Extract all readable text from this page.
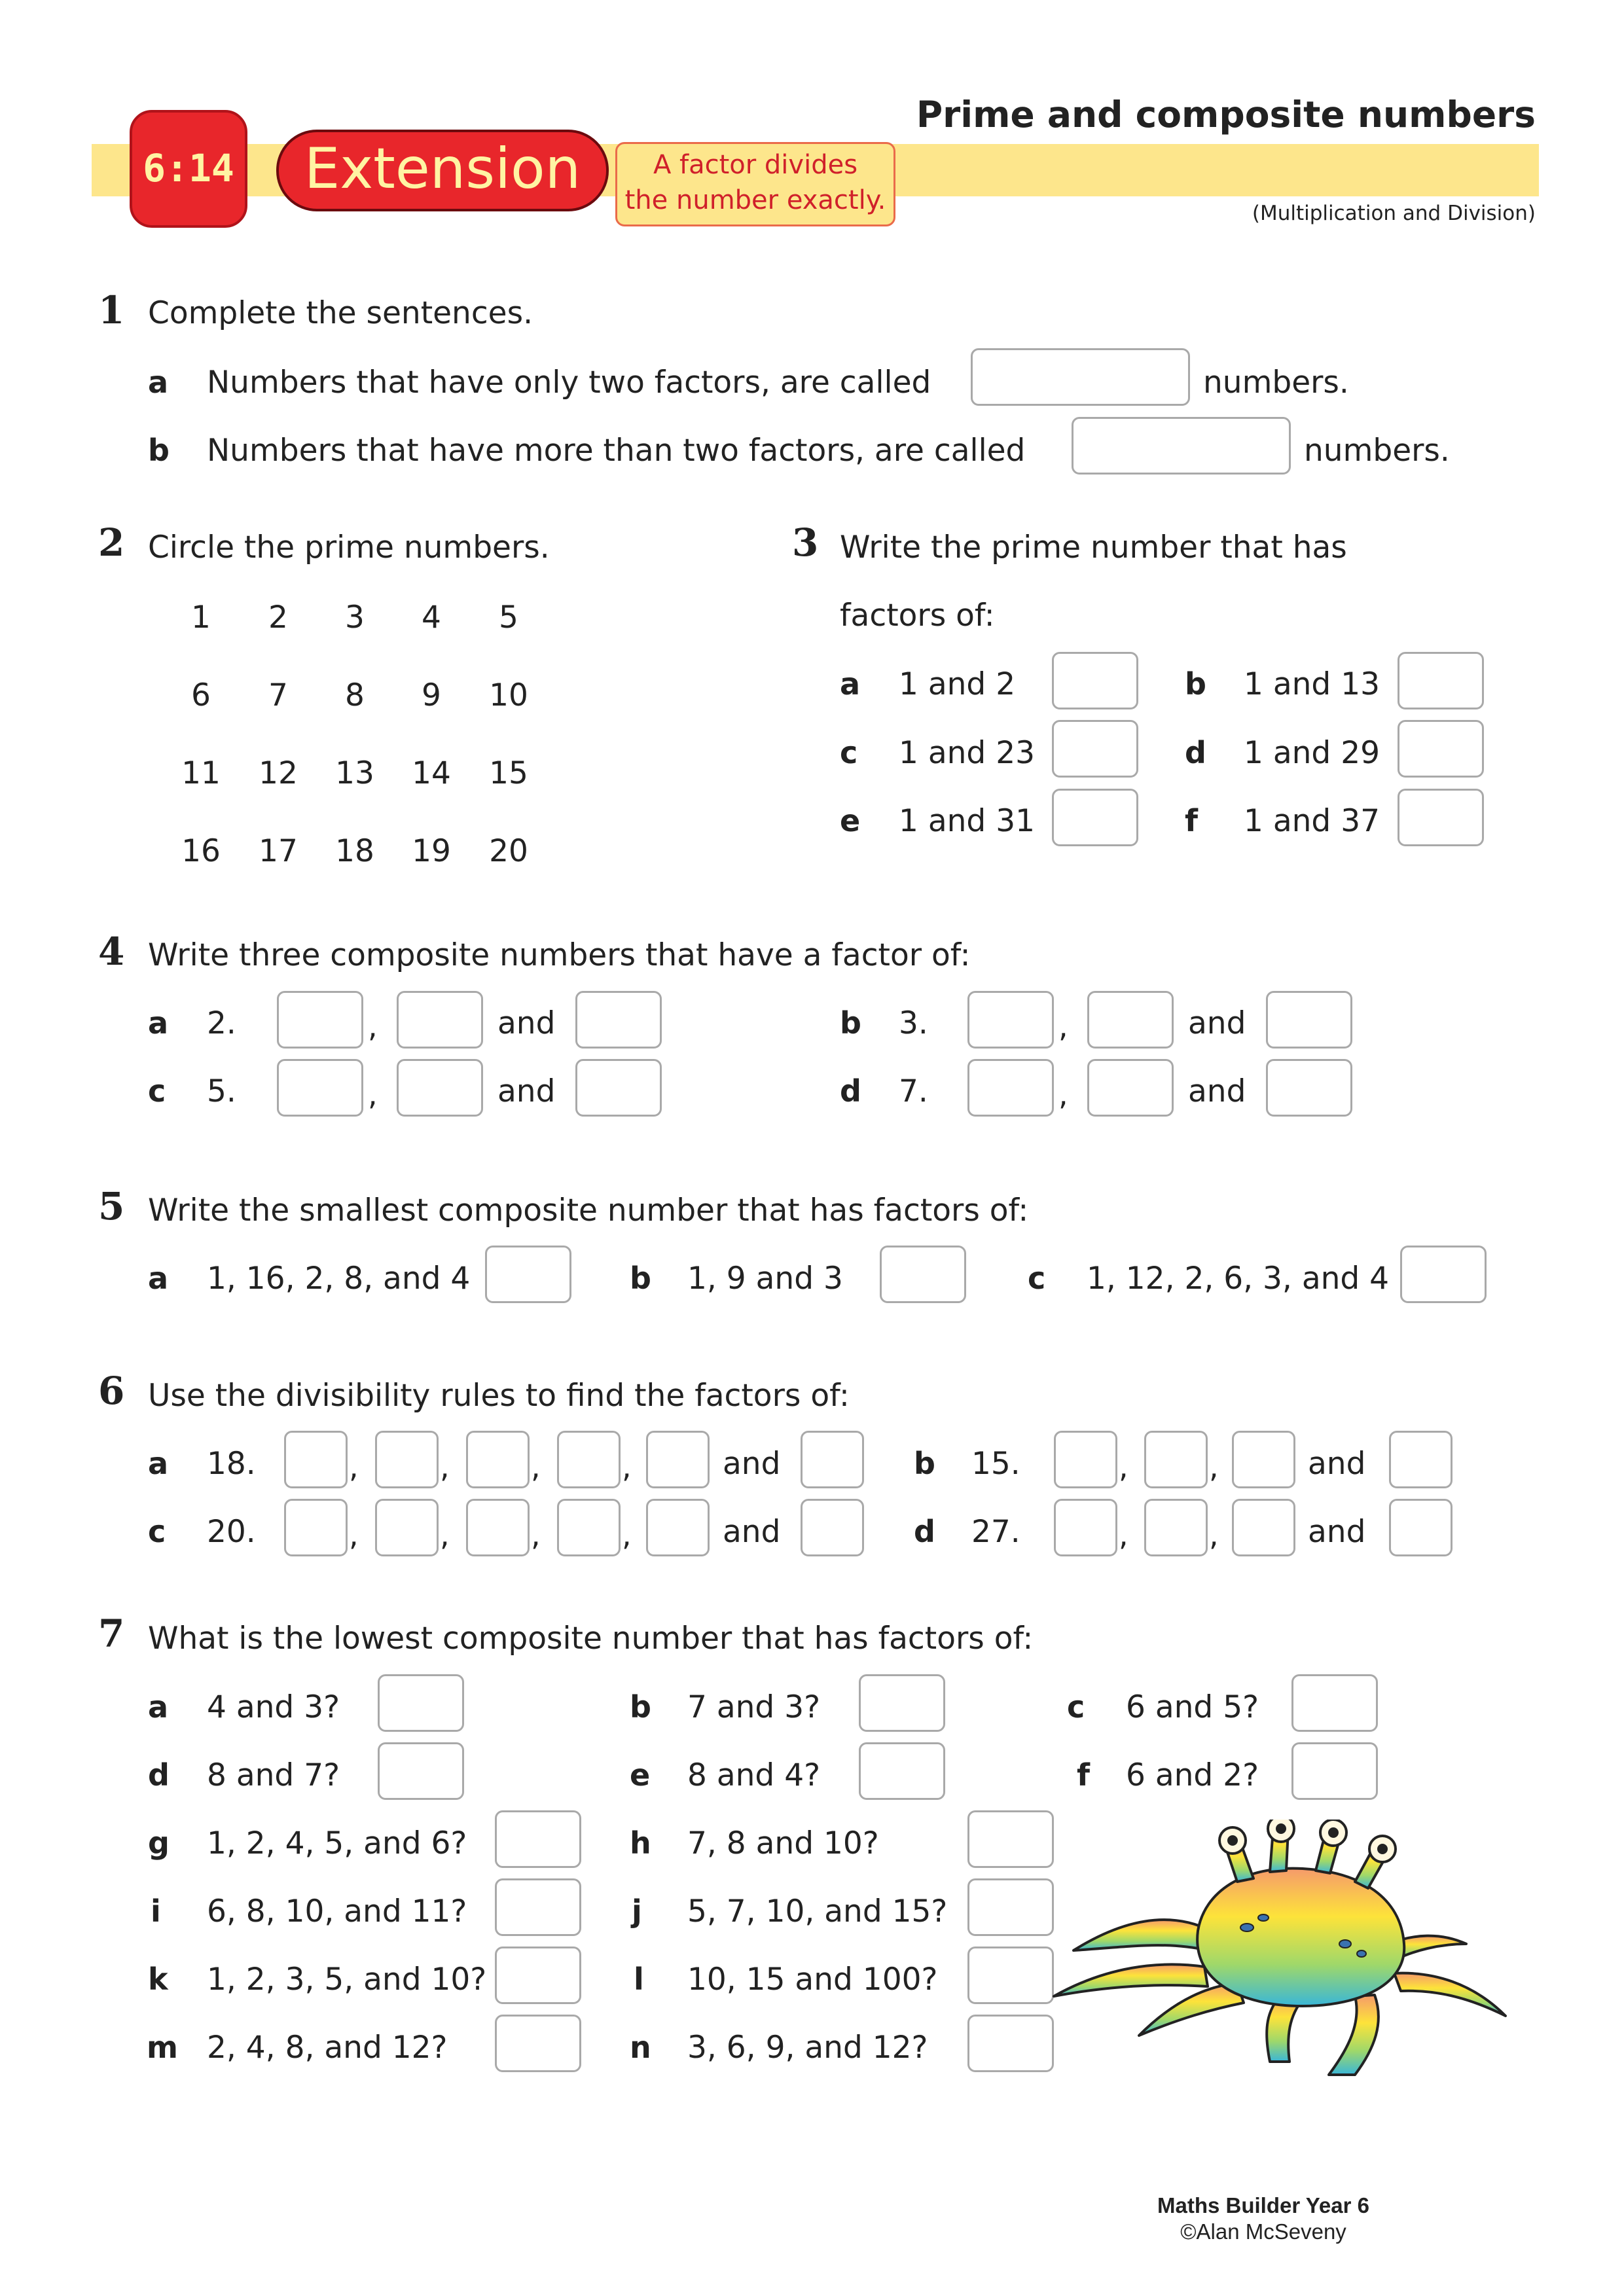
Prime and composite numbers
6:14	Extension	A factor divides
the number exactly.	(Multiplication and Division)
1 Complete the sentences.
a Numbers that have only two factors, are called	numbers.
b Numbers that have more than two factors, are called	numbers.
2 Circle the prime numbers.
1	2	3	4	5
6	7	8	9	10
11	12	13	14	15
16	17	18	19	20
3 Write the prime number that has
factors of:
a 1 and 2	b 1 and 13
c 1 and 23	d 1 and 29
e 1 and 31	f 1 and 37
4 Write three composite numbers that have a factor of:
a 2.	,	and	b 3.	,	and
c 5.	,	and	d 7.	,	and
5 Write the smallest composite number that has factors of:
a 1, 16, 2, 8, and 4	b 1, 9 and 3	c 1, 12, 2, 6, 3, and 4
6 Use the divisibility rules to find the factors of:
a 18.	,	,	,	,	and	b 15.	,	,	and
c 20.	,	,	,	,	and	d 27.	,	,	and
7 What is the lowest composite number that has factors of:
a 4 and 3?	b 7 and 3?	c 6 and 5?
d 8 and 7?	e 8 and 4?	f 6 and 2?
g 1, 2, 4, 5, and 6?	h 7, 8 and 10?
i 6, 8, 10, and 11?	j 5, 7, 10, and 15?
k 1, 2, 3, 5, and 10?	l 10, 15 and 100?
m 2, 4, 8, and 12?	n 3, 6, 9, and 12?
Maths Builder Year 6
©Alan McSeveny
